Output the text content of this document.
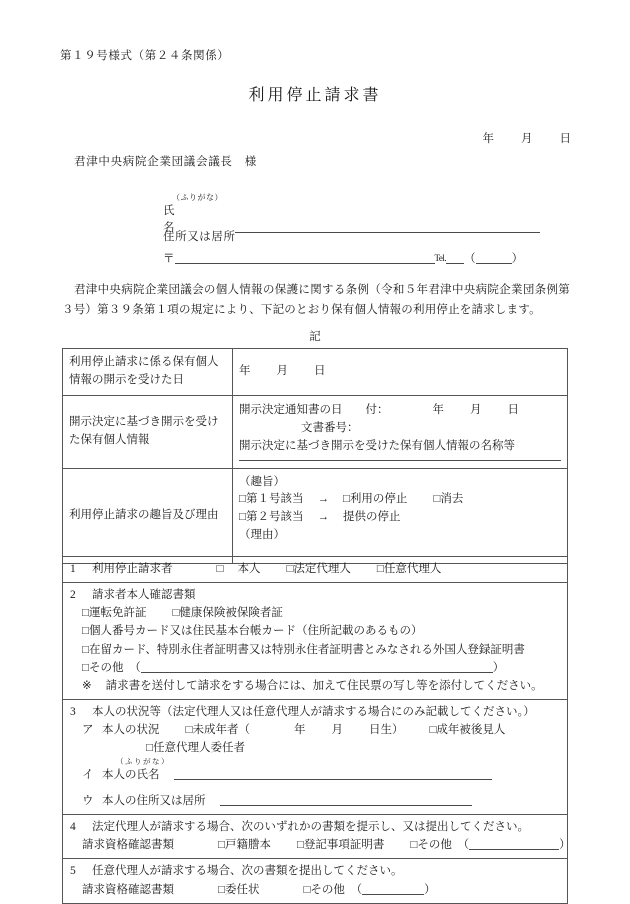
第１９号様式（第２４条関係）
利用停止請求書
年 月 日
君津中央病院企業団議会議長　様
（ふりがな）
氏　　　名
住所又は居所
〒	Tel. （	）
君津中央病院企業団議会の個人情報の保護に関する条例（令和５年君津中央病院企業団条例第３号）第３９条第１項の規定により、下記のとおり保有個人情報の利用停止を請求します。
記
利用停止請求に係る保有個人情報の開示を受けた日	年 月 日
開示決定に基づき開示を受けた保有個人情報	開示決定通知書の日　　付： 年 月 日
文書番号：
開示決定に基づき開示を受けた保有個人情報の名称等

利用停止請求の趣旨及び理由	（趣旨）
□第１号該当 → □利用の停止 □消去
□第２号該当 → 提供の停止
（理由）
1 利用停止請求者	□ 本人 □法定代理人 □任意代理人

2 請求者本人確認書類
□運転免許証 □健康保険被保険者証
□個人番号カード又は住民基本台帳カード（住所記載のあるもの）
□在留カード、特別永住者証明書又は特別永住者証明書とみなされる外国人登録証明書
□その他　（	）
※ 請求書を送付して請求をする場合には、加えて住民票の写し等を添付してください。

3 本人の状況等（法定代理人又は任意代理人が請求する場合にのみ記載してください。）
ア 本人の状況 □未成年者（	年 月 日生） □成年被後見人
□任意代理人委任者
（ふりがな）
イ 本人の氏名
ウ 本人の住所又は居所

4 法定代理人が請求する場合、次のいずれかの書類を提示し、又は提出してください。
請求資格確認書類	□戸籍謄本 □登記事項証明書 □その他　（	）

5 任意代理人が請求する場合、次の書類を提出してください。
請求資格確認書類	□委任状	□その他　（	）
